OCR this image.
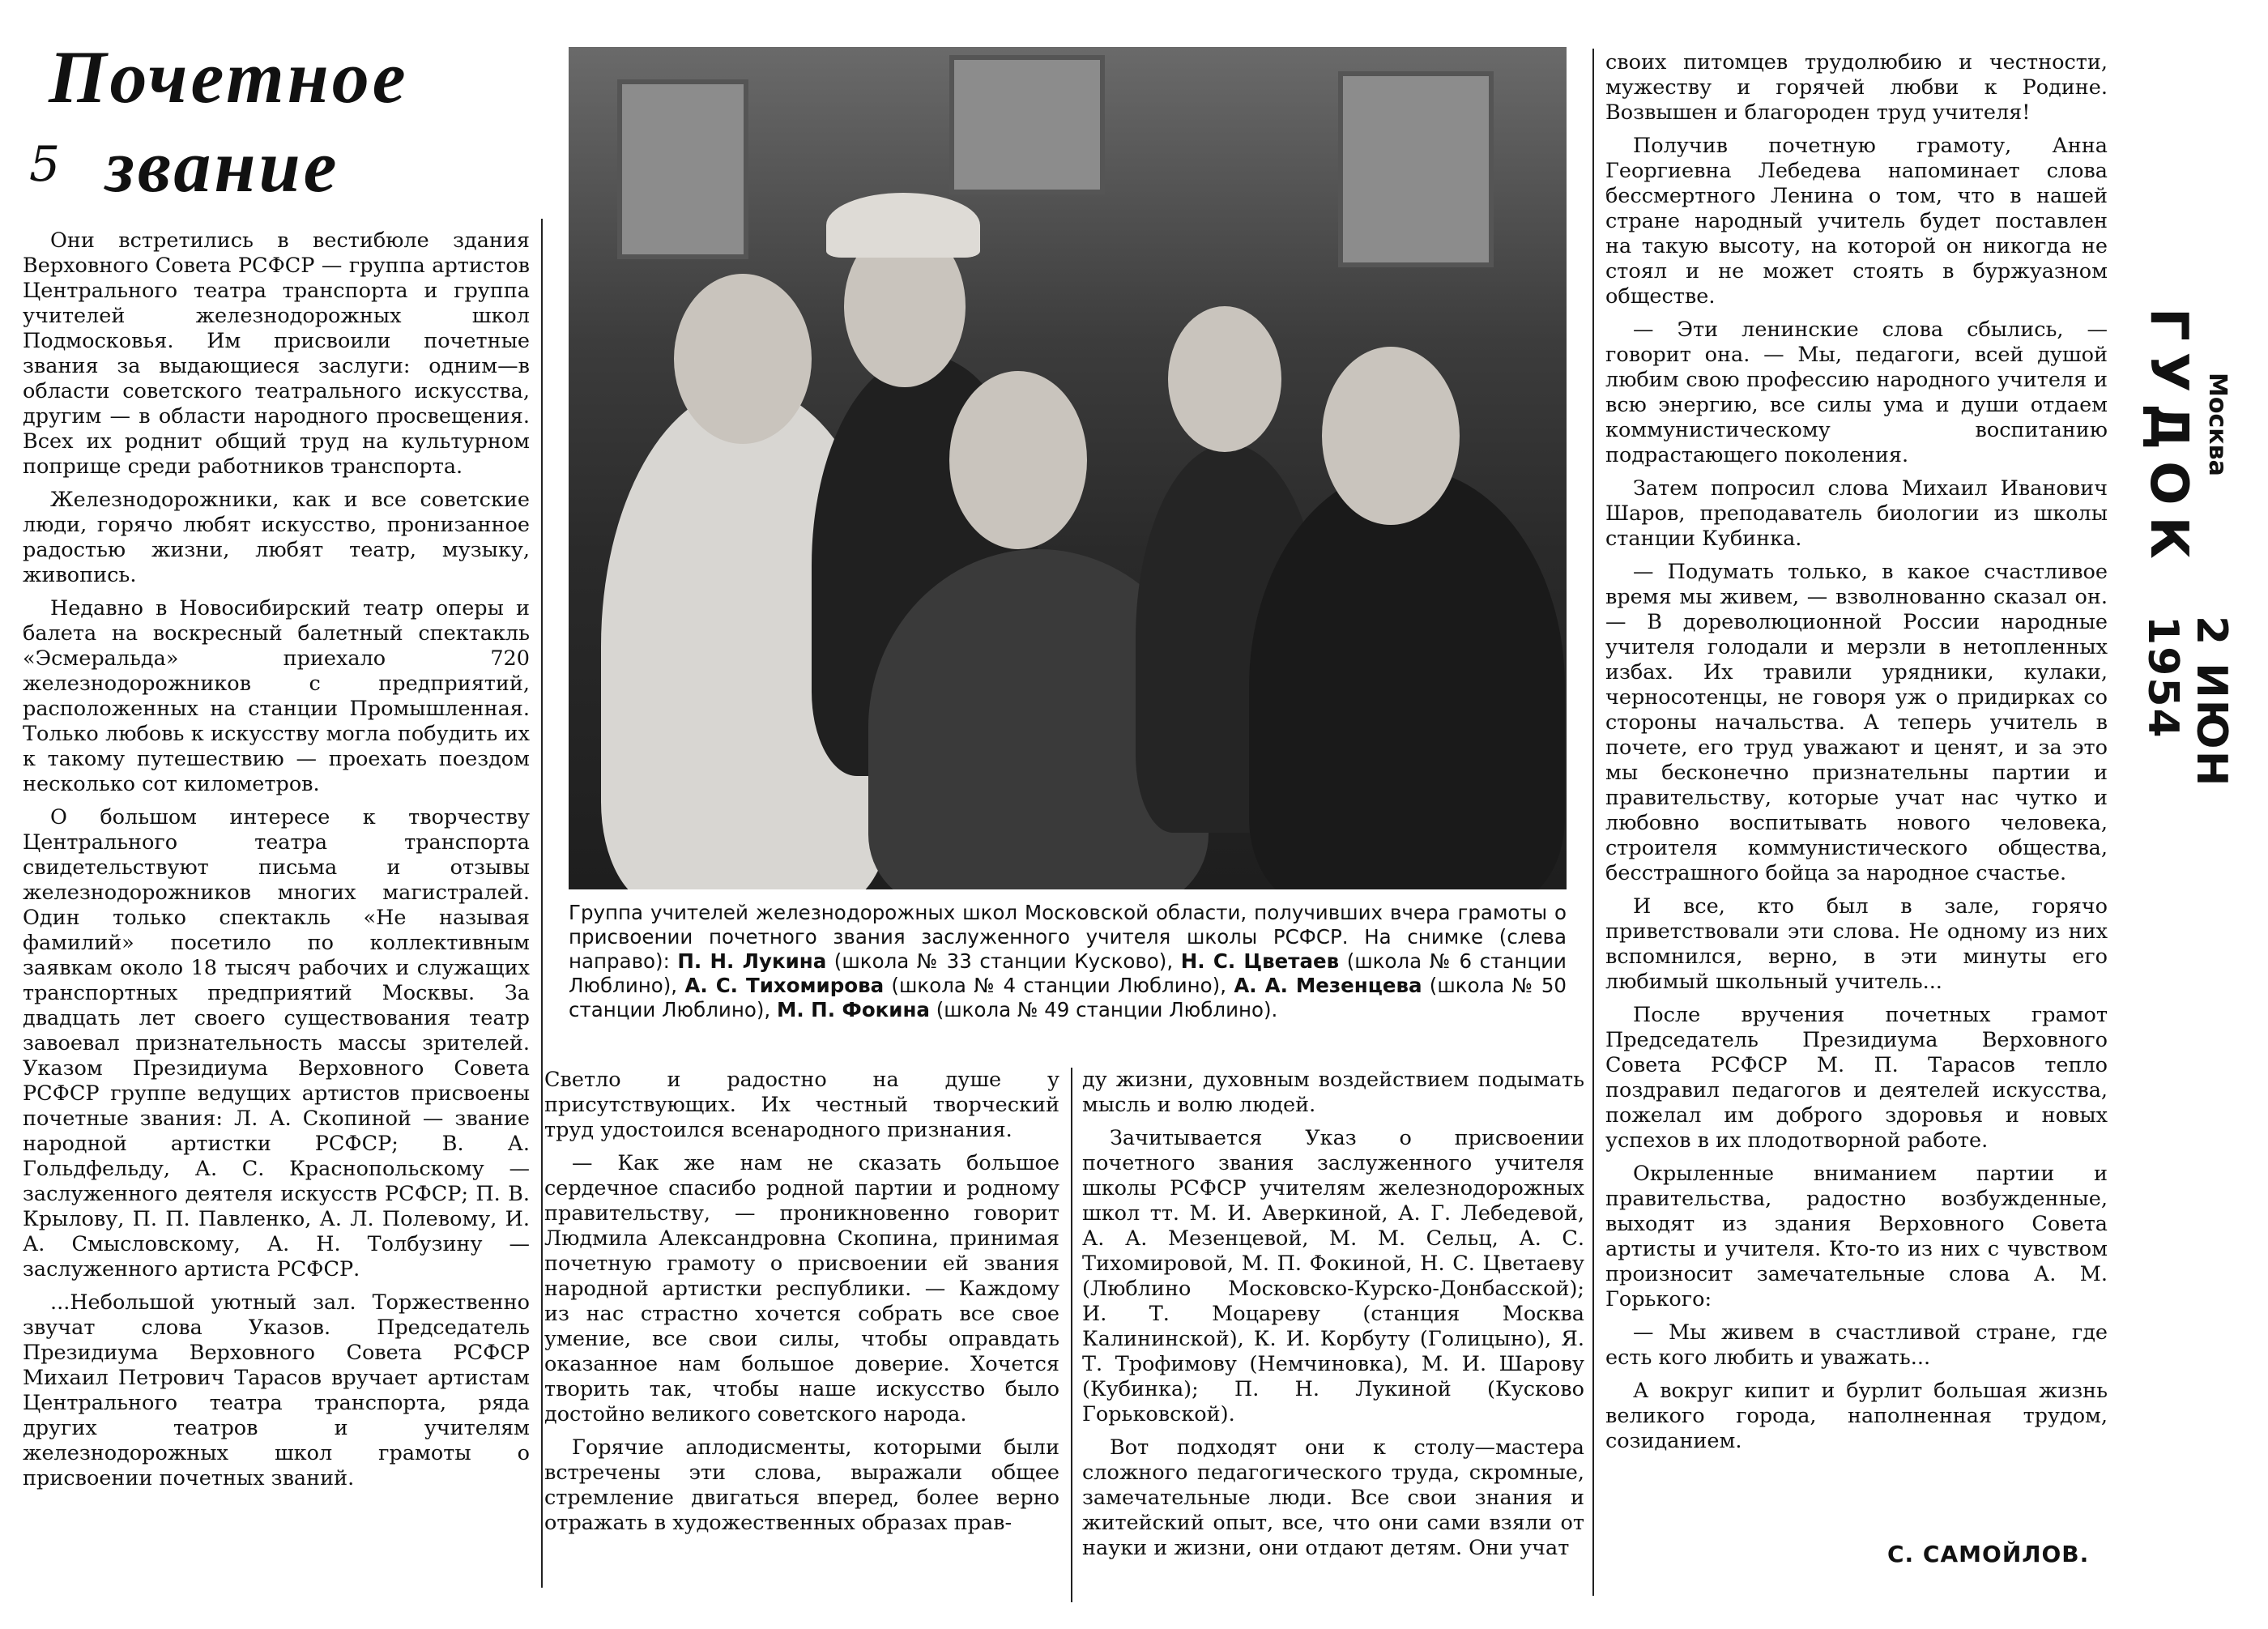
Почетное
звание
5

Они встретились в вестибюле здания Верховного Совета РСФСР — группа артистов Центрального театра транспорта и группа учителей железнодорожных школ Подмосковья. Им присвоили почетные звания за выдающиеся заслуги: одним—в области советского театрального искусства, другим — в области народного просвещения. Всех их роднит общий труд на культурном поприще среди работников транспорта.

Железнодорожники, как и все советские люди, горячо любят искусство, пронизанное радостью жизни, любят театр, музыку, живопись.

Недавно в Новосибирский театр оперы и балета на воскресный балетный спектакль «Эсмеральда» приехало 720 железнодорожников с предприятий, расположенных на станции Промышленная. Только любовь к искусству могла побудить их к такому путешествию — проехать поездом несколько сот километров.

О большом интересе к творчеству Центрального театра транспорта свидетельствуют письма и отзывы железнодорожников многих магистралей. Один только спектакль «Не называя фамилий» посетило по коллективным заявкам около 18 тысяч рабочих и служащих транспортных предприятий Москвы. За двадцать лет своего существования театр завоевал признательность массы зрителей. Указом Президиума Верховного Совета РСФСР группе ведущих артистов присвоены почетные звания: Л. А. Скопиной — звание народной артистки РСФСР; В. А. Гольдфельду, А. С. Краснопольскому — заслуженного деятеля искусств РСФСР; П. В. Крылову, П. П. Павленко, А. Л. Полевому, И. А. Смысловскому, А. Н. Толбузину — заслуженного артиста РСФСР.

...Небольшой уютный зал. Торжественно звучат слова Указов. Председатель Президиума Верховного Совета РСФСР Михаил Петрович Тарасов вручает артистам Центрального театра транспорта, ряда других театров и учителям железнодорожных школ грамоты о присвоении почетных званий.

Группа учителей железнодорожных школ Московской области, получивших вчера грамоты о присвоении почетного звания заслуженного учителя школы РСФСР. На снимке (слева направо): П. Н. Лукина (школа № 33 станции Кусково), Н. С. Цветаев (школа № 6 станции Люблино), А. С. Тихомирова (школа № 4 станции Люблино), А. А. Мезенцева (школа № 50 станции Люблино), М. П. Фокина (школа № 49 станции Люблино).

Светло и радостно на душе у присутствующих. Их честный творческий труд удостоился всенародного признания.

— Как же нам не сказать большое сердечное спасибо родной партии и родному правительству, — проникновенно говорит Людмила Александровна Скопина, принимая почетную грамоту о присвоении ей звания народной артистки республики. — Каждому из нас страстно хочется собрать все свое умение, все свои силы, чтобы оправдать оказанное нам большое доверие. Хочется творить так, чтобы наше искусство было достойно великого советского народа.

Горячие аплодисменты, которыми были встречены эти слова, выражали общее стремление двигаться вперед, более верно отражать в художественных образах прав-

ду жизни, духовным воздействием подымать мысль и волю людей.

Зачитывается Указ о присвоении почетного звания заслуженного учителя школы РСФСР учителям железнодорожных школ тт. М. И. Аверкиной, А. Г. Лебедевой, А. А. Мезенцевой, М. М. Сельц, А. С. Тихомировой, М. П. Фокиной, Н. С. Цветаеву (Люблино Московско-Курско-Донбасской); И. Т. Моцареву (станция Москва Калининской), К. И. Корбуту (Голицыно), Я. Т. Трофимову (Немчиновка), М. И. Шарову (Кубинка); П. Н. Лукиной (Кусково Горьковской).

Вот подходят они к столу—мастера сложного педагогического труда, скромные, замечательные люди. Все свои знания и житейский опыт, все, что они сами взяли от науки и жизни, они отдают детям. Они учат

своих питомцев трудолюбию и честности, мужеству и горячей любви к Родине. Возвышен и благороден труд учителя!

Получив почетную грамоту, Анна Георгиевна Лебедева напоминает слова бессмертного Ленина о том, что в нашей стране народный учитель будет поставлен на такую высоту, на которой он никогда не стоял и не может стоять в буржуазном обществе.

— Эти ленинские слова сбылись, — говорит она. — Мы, педагоги, всей душой любим свою профессию народного учителя и всю энергию, все силы ума и души отдаем коммунистическому воспитанию подрастающего поколения.

Затем попросил слова Михаил Иванович Шаров, преподаватель биологии из школы станции Кубинка.

— Подумать только, в какое счастливое время мы живем, — взволнованно сказал он. — В дореволюционной России народные учителя голодали и мерзли в нетопленных избах. Их травили урядники, кулаки, черносотенцы, не говоря уж о придирках со стороны начальства. А теперь учитель в почете, его труд уважают и ценят, и за это мы бесконечно признательны партии и правительству, которые учат нас чутко и любовно воспитывать нового человека, строителя коммунистического общества, бесстрашного бойца за народное счастье.

И все, кто был в зале, горячо приветствовали эти слова. Не одному из них вспомнился, верно, в эти минуты его любимый школьный учитель...

После вручения почетных грамот Председатель Президиума Верховного Совета РСФСР М. П. Тарасов тепло поздравил педагогов и деятелей искусства, пожелал им доброго здоровья и новых успехов в их плодотворной работе.

Окрыленные вниманием партии и правительства, радостно возбужденные, выходят из здания Верховного Совета артисты и учителя. Кто-то из них с чувством произносит замечательные слова А. М. Горького:

— Мы живем в счастливой стране, где есть кого любить и уважать...

А вокруг кипит и бурлит большая жизнь великого города, наполненная трудом, созиданием.

С. САМОЙЛОВ.
ГУДОК Москва
2 ИЮН 1954
